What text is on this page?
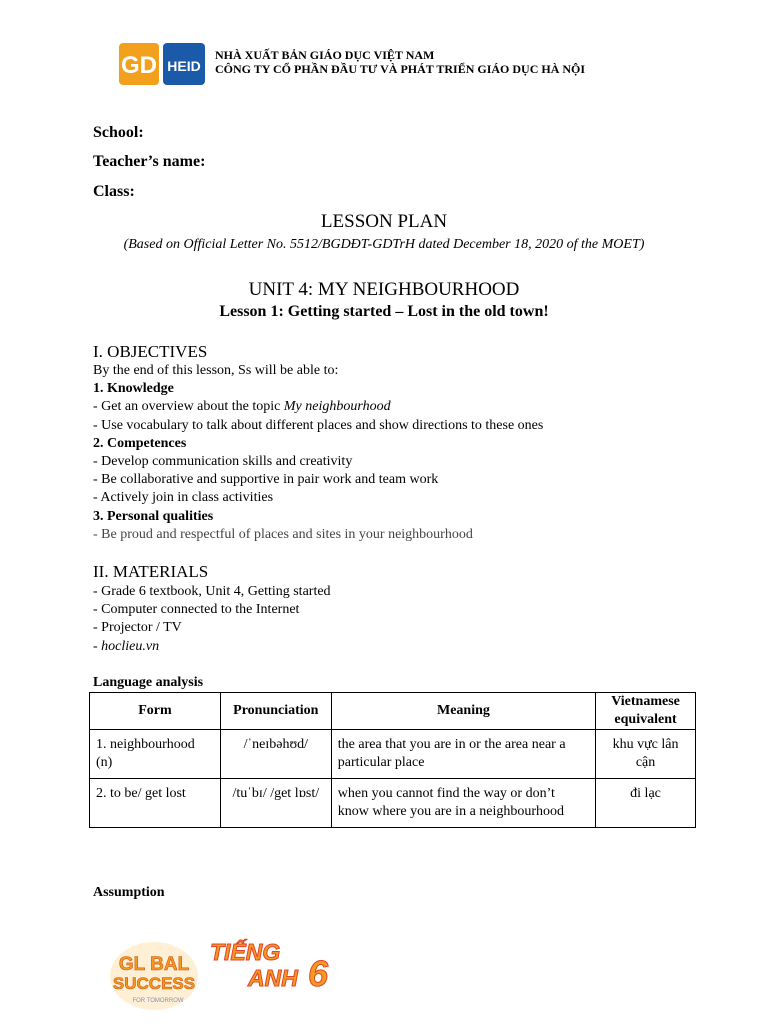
GD HEID
NHÀ XUẤT BẢN GIÁO DỤC VIỆT NAM
CÔNG TY CỔ PHẦN ĐẦU TƯ VÀ PHÁT TRIỂN GIÁO DỤC HÀ NỘI
School:
Teacher’s name:
Class:
LESSON PLAN
(Based on Official Letter No. 5512/BGDĐT-GDTrH dated December 18, 2020 of the MOET)
UNIT 4: MY NEIGHBOURHOOD
Lesson 1: Getting started – Lost in the old town!
I. OBJECTIVES
By the end of this lesson, Ss will be able to:
1. Knowledge
- Get an overview about the topic My neighbourhood
- Use vocabulary to talk about different places and show directions to these ones
2. Competences
- Develop communication skills and creativity
- Be collaborative and supportive in pair work and team work
- Actively join in class activities
3. Personal qualities
- Be proud and respectful of places and sites in your neighbourhood
II. MATERIALS
- Grade 6 textbook, Unit 4, Getting started
- Computer connected to the Internet
- Projector / TV
- hoclieu.vn
Language analysis
Form	Pronunciation	Meaning	Vietnamese equivalent
1. neighbourhood (n)	/ˈneɪbəhʊd/	the area that you are in or the area near a particular place	khu vực lân cận
2. to be/ get lost	/tuˈbɪ/ /get lɒst/	when you cannot find the way or don’t know where you are in a neighbourhood	đi lạc
Assumption
GL BAL
SUCCESS
FOR TOMORROW
TIẾNG
ANH 6
